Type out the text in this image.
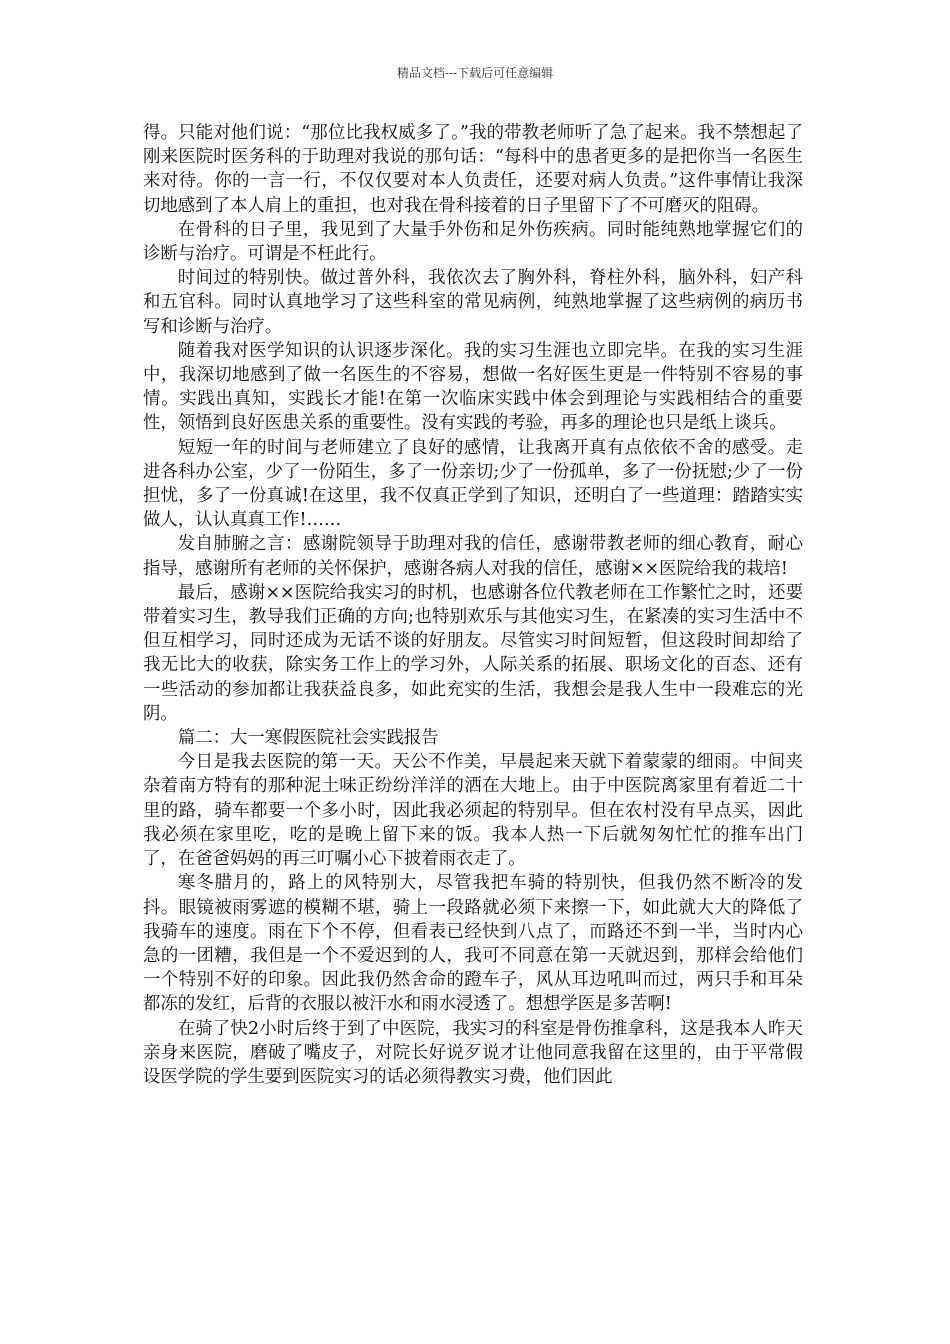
精品文档---下载后可任意编辑

得。只能对他们说：“那位比我权威多了。”我的带教老师听了急了起来。我不禁想起了刚来医院时医务科的于助理对我说的那句话：“每科中的患者更多的是把你当一名医生来对待。你的一言一行，不仅仅要对本人负责任，还要对病人负责。”这件事情让我深切地感到了本人肩上的重担，也对我在骨科接着的日子里留下了不可磨灭的阻碍。

在骨科的日子里，我见到了大量手外伤和足外伤疾病。同时能纯熟地掌握它们的诊断与治疗。可谓是不枉此行。

时间过的特别快。做过普外科，我依次去了胸外科，脊柱外科，脑外科，妇产科和五官科。同时认真地学习了这些科室的常见病例，纯熟地掌握了这些病例的病历书写和诊断与治疗。

随着我对医学知识的认识逐步深化。我的实习生涯也立即完毕。在我的实习生涯中，我深切地感到了做一名医生的不容易，想做一名好医生更是一件特别不容易的事情。实践出真知，实践长才能!在第一次临床实践中体会到理论与实践相结合的重要性，领悟到良好医患关系的重要性。没有实践的考验，再多的理论也只是纸上谈兵。

短短一年的时间与老师建立了良好的感情，让我离开真有点依依不舍的感受。走进各科办公室，少了一份陌生，多了一份亲切;少了一份孤单，多了一份抚慰;少了一份担忧，多了一份真诚!在这里，我不仅真正学到了知识，还明白了一些道理：踏踏实实做人，认认真真工作!……

发自肺腑之言：感谢院领导于助理对我的信任，感谢带教老师的细心教育，耐心指导，感谢所有老师的关怀保护，感谢各病人对我的信任，感谢××医院给我的栽培!

最后，感谢××医院给我实习的时机，也感谢各位代教老师在工作繁忙之时，还要带着实习生，教导我们正确的方向;也特别欢乐与其他实习生，在紧凑的实习生活中不但互相学习，同时还成为无话不谈的好朋友。尽管实习时间短暂，但这段时间却给了我无比大的收获，除实务工作上的学习外，人际关系的拓展、职场文化的百态、还有一些活动的参加都让我获益良多，如此充实的生活，我想会是我人生中一段难忘的光阴。

篇二：大一寒假医院社会实践报告

今日是我去医院的第一天。天公不作美，早晨起来天就下着蒙蒙的细雨。中间夹杂着南方特有的那种泥土味正纷纷洋洋的洒在大地上。由于中医院离家里有着近二十里的路，骑车都要一个多小时，因此我必须起的特别早。但在农村没有早点买，因此我必须在家里吃，吃的是晚上留下来的饭。我本人热一下后就匆匆忙忙的推车出门了，在爸爸妈妈的再三叮嘱小心下披着雨衣走了。

寒冬腊月的，路上的风特别大，尽管我把车骑的特别快，但我仍然不断冷的发抖。眼镜被雨雾遮的模糊不堪，骑上一段路就必须下来擦一下，如此就大大的降低了我骑车的速度。雨在下个不停，但看表已经快到八点了，而路还不到一半，当时内心急的一团糟，我但是一个不爱迟到的人，我可不同意在第一天就迟到，那样会给他们一个特别不好的印象。因此我仍然舍命的蹬车子，风从耳边吼叫而过，两只手和耳朵都冻的发红，后背的衣服以被汗水和雨水浸透了。想想学医是多苦啊!

在骑了快2小时后终于到了中医院，我实习的科室是骨伤推拿科，这是我本人昨天亲身来医院，磨破了嘴皮子，对院长好说歹说才让他同意我留在这里的，由于平常假设医学院的学生要到医院实习的话必须得教实习费，他们因此
